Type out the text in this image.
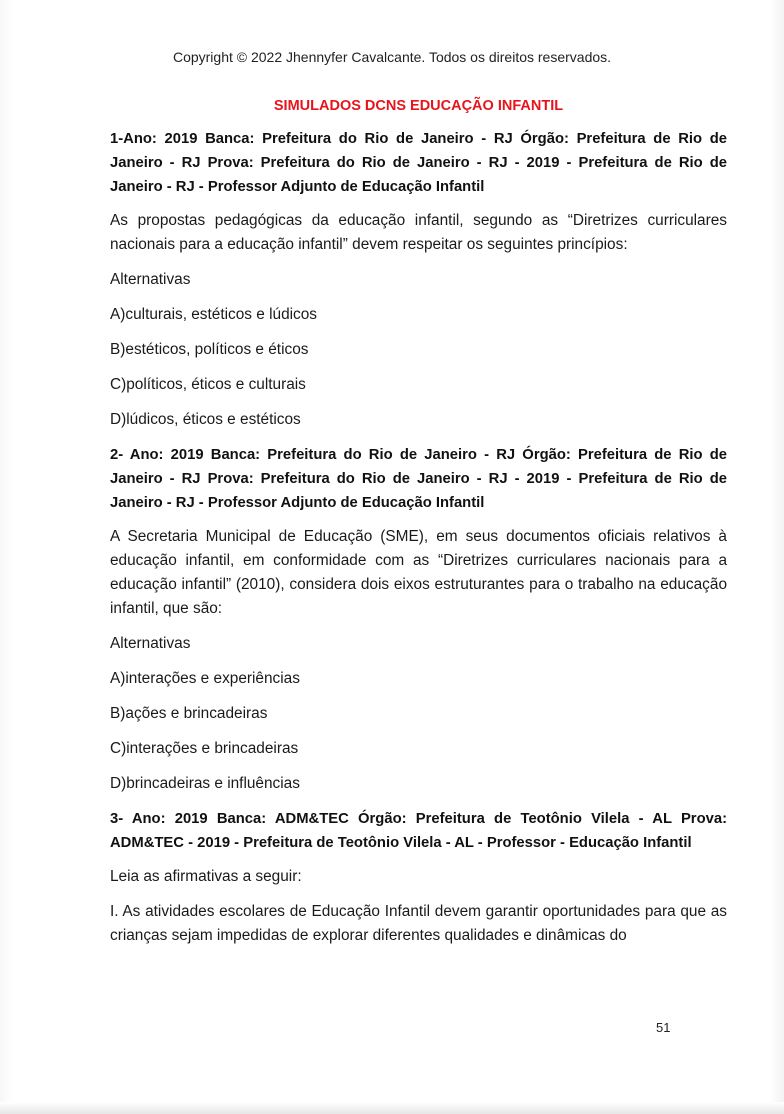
Copyright © 2022 Jhennyfer Cavalcante. Todos os direitos reservados.
SIMULADOS DCNS EDUCAÇÃO INFANTIL
1-Ano: 2019 Banca: Prefeitura do Rio de Janeiro - RJ Órgão: Prefeitura de Rio de Janeiro - RJ Prova: Prefeitura do Rio de Janeiro - RJ - 2019 - Prefeitura de Rio de Janeiro - RJ - Professor Adjunto de Educação Infantil
As propostas pedagógicas da educação infantil, segundo as “Diretrizes curriculares nacionais para a educação infantil” devem respeitar os seguintes princípios:
Alternativas
A)culturais, estéticos e lúdicos
B)estéticos, políticos e éticos
C)políticos, éticos e culturais
D)lúdicos, éticos e estéticos
2- Ano: 2019 Banca: Prefeitura do Rio de Janeiro - RJ Órgão: Prefeitura de Rio de Janeiro - RJ Prova: Prefeitura do Rio de Janeiro - RJ - 2019 - Prefeitura de Rio de Janeiro - RJ - Professor Adjunto de Educação Infantil
A Secretaria Municipal de Educação (SME), em seus documentos oficiais relativos à educação infantil, em conformidade com as “Diretrizes curriculares nacionais para a educação infantil” (2010), considera dois eixos estruturantes para o trabalho na educação infantil, que são:
Alternativas
A)interações e experiências
B)ações e brincadeiras
C)interações e brincadeiras
D)brincadeiras e influências
3- Ano: 2019 Banca: ADM&TEC Órgão: Prefeitura de Teotônio Vilela - AL Prova: ADM&TEC - 2019 - Prefeitura de Teotônio Vilela - AL - Professor - Educação Infantil
Leia as afirmativas a seguir:
I. As atividades escolares de Educação Infantil devem garantir oportunidades para que as crianças sejam impedidas de explorar diferentes qualidades e dinâmicas do
51
